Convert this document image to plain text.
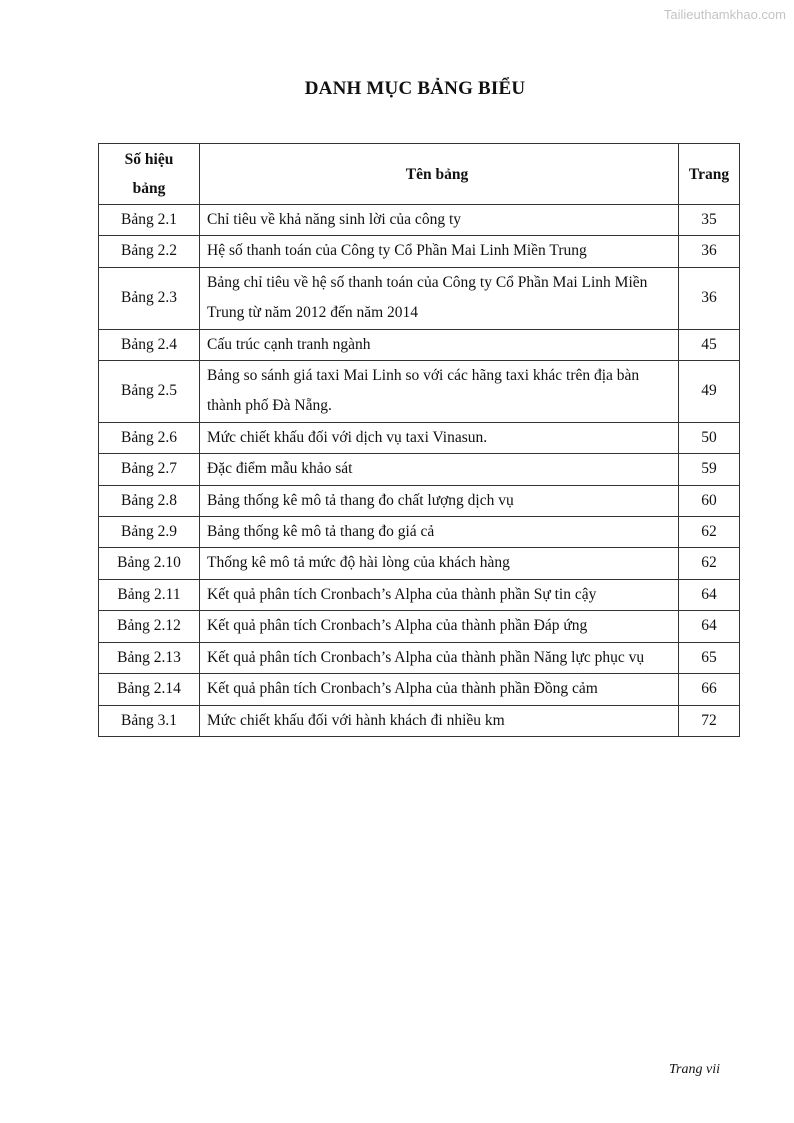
Tailieuthamkhao.com
DANH MỤC BẢNG BIỂU
Số hiệu
bảng	Tên bảng	Trang
Bảng 2.1	Chỉ tiêu về khả năng sinh lời của công ty	35
Bảng 2.2	Hệ số thanh toán của Công ty Cổ Phần Mai Linh Miền Trung	36
Bảng 2.3	Bảng chỉ tiêu về hệ số thanh toán của Công ty Cổ Phần Mai Linh Miền Trung từ năm 2012 đến năm 2014	36
Bảng 2.4	Cấu trúc cạnh tranh ngành	45
Bảng 2.5	Bảng so sánh giá taxi Mai Linh so với các hãng taxi khác trên địa bàn thành phố Đà Nẵng.	49
Bảng 2.6	Mức chiết khấu đối với dịch vụ taxi Vinasun.	50
Bảng 2.7	Đặc điểm mẫu khảo sát	59
Bảng 2.8	Bảng thống kê mô tả thang đo chất lượng dịch vụ	60
Bảng 2.9	Bảng thống kê mô tả thang đo giá cả	62
Bảng 2.10	Thống kê mô tả mức độ hài lòng của khách hàng	62
Bảng 2.11	Kết quả phân tích Cronbach’s Alpha của thành phần Sự tin cậy	64
Bảng 2.12	Kết quả phân tích Cronbach’s Alpha của thành phần Đáp ứng	64
Bảng 2.13	Kết quả phân tích Cronbach’s Alpha của thành phần Năng lực phục vụ	65
Bảng 2.14	Kết quả phân tích Cronbach’s Alpha của thành phần Đồng cảm	66
Bảng 3.1	Mức chiết khấu đối với hành khách đi nhiều km	72
Trang vii
